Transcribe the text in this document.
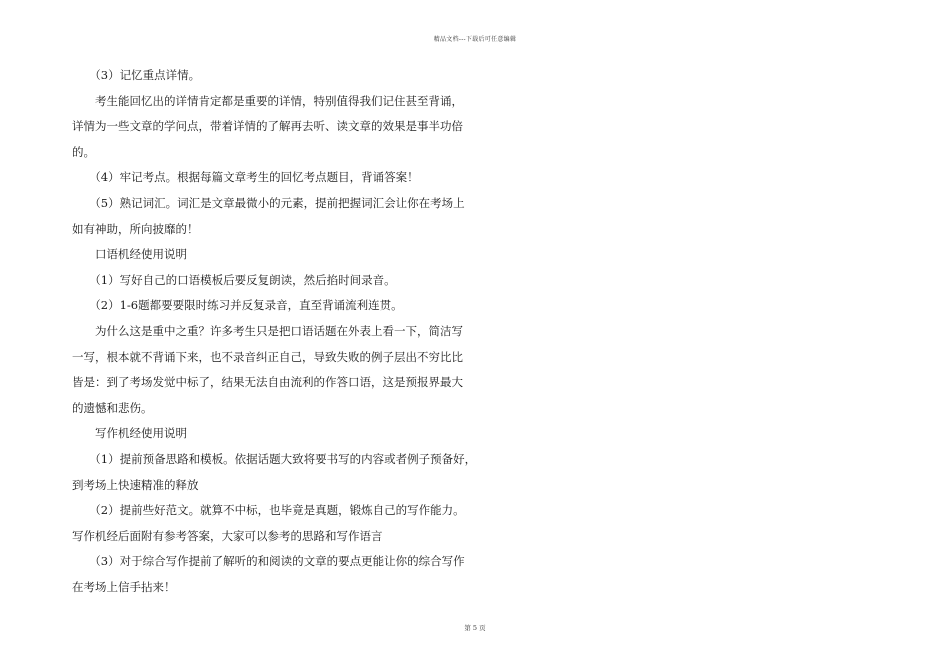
精品文档---下载后可任意编辑
　　（3）记忆重点详情。
　　考生能回忆出的详情肯定都是重要的详情，特别值得我们记住甚至背诵，
详情为一些文章的学问点，带着详情的了解再去听、读文章的效果是事半功倍
的。
　　（4）牢记考点。根据每篇文章考生的回忆考点题目，背诵答案！
　　（5）熟记词汇。词汇是文章最微小的元素，提前把握词汇会让你在考场上
如有神助，所向披靡的！
　　口语机经使用说明
　　（1）写好自己的口语模板后要反复朗读，然后掐时间录音。
　　（2）1-6题都要要限时练习并反复录音，直至背诵流利连贯。
　　为什么这是重中之重？许多考生只是把口语话题在外表上看一下，简洁写
一写，根本就不背诵下来，也不录音纠正自己，导致失败的例子层出不穷比比
皆是：到了考场发觉中标了，结果无法自由流利的作答口语，这是预报界最大
的遗憾和悲伤。
　　写作机经使用说明
　　（1）提前预备思路和模板。依据话题大致将要书写的内容或者例子预备好，
到考场上快速精准的释放
　　（2）提前些好范文。就算不中标，也毕竟是真题，锻炼自己的写作能力。
写作机经后面附有参考答案，大家可以参考的思路和写作语言
　　（3）对于综合写作提前了解听的和阅读的文章的要点更能让你的综合写作
在考场上信手拈来！
第 5 页
